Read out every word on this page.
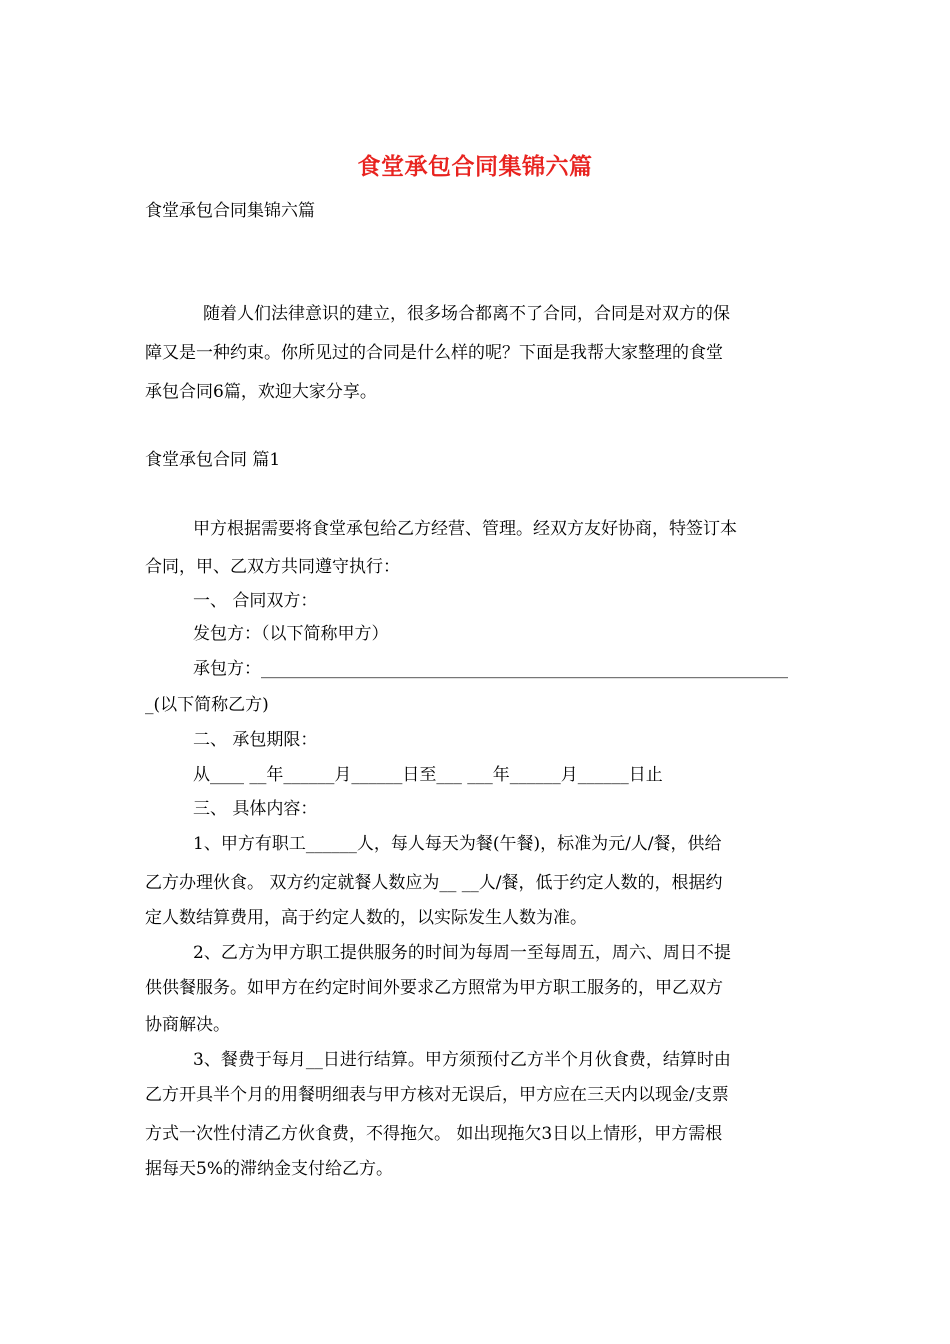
食堂承包合同集锦六篇
食堂承包合同集锦六篇
随着人们法律意识的建立，很多场合都离不了合同，合同是对双方的保
障又是一种约束。你所见过的合同是什么样的呢？下面是我帮大家整理的食堂
承包合同6篇，欢迎大家分享。
食堂承包合同 篇1
甲方根据需要将食堂承包给乙方经营、管理。经双方友好协商，特签订本
合同，甲、乙双方共同遵守执行：
一、 合同双方：
发包方：（以下简称甲方）
承包方：______________________________________________________________
_(以下简称乙方)
二、 承包期限：
从____ __年______月______日至___ ___年______月______日止
三、 具体内容：
1、甲方有职工______人，每人每天为餐(午餐)，标准为元/人/餐，供给
乙方办理伙食。 双方约定就餐人数应为__ __人/餐，低于约定人数的，根据约
定人数结算费用，高于约定人数的，以实际发生人数为准。
2、乙方为甲方职工提供服务的时间为每周一至每周五，周六、周日不提
供供餐服务。如甲方在约定时间外要求乙方照常为甲方职工服务的，甲乙双方
协商解决。
3、餐费于每月__日进行结算。甲方须预付乙方半个月伙食费，结算时由
乙方开具半个月的用餐明细表与甲方核对无误后，甲方应在三天内以现金/支票
方式一次性付清乙方伙食费，不得拖欠。 如出现拖欠3日以上情形，甲方需根
据每天5%的滞纳金支付给乙方。
